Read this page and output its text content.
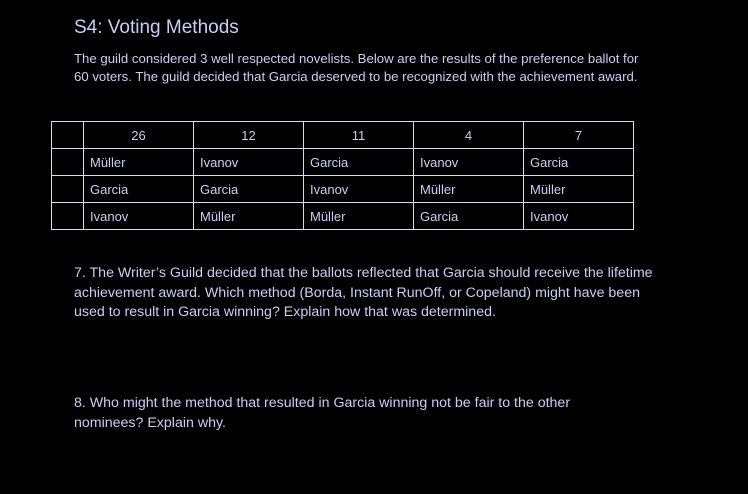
S4: Voting Methods
The guild considered 3 well respected novelists. Below are the results of the preference ballot for 60 voters. The guild decided that Garcia deserved to be recognized with the achievement award.
	26	12	11	4	7
	Müller	Ivanov	Garcia	Ivanov	Garcia
	Garcia	Garcia	Ivanov	Müller	Müller
	Ivanov	Müller	Müller	Garcia	Ivanov
7. The Writer’s Guild decided that the ballots reflected that Garcia should receive the lifetime achievement award. Which method (Borda, Instant RunOff, or Copeland) might have been used to result in Garcia winning? Explain how that was determined.
8. Who might the method that resulted in Garcia winning not be fair to the other nominees? Explain why.
